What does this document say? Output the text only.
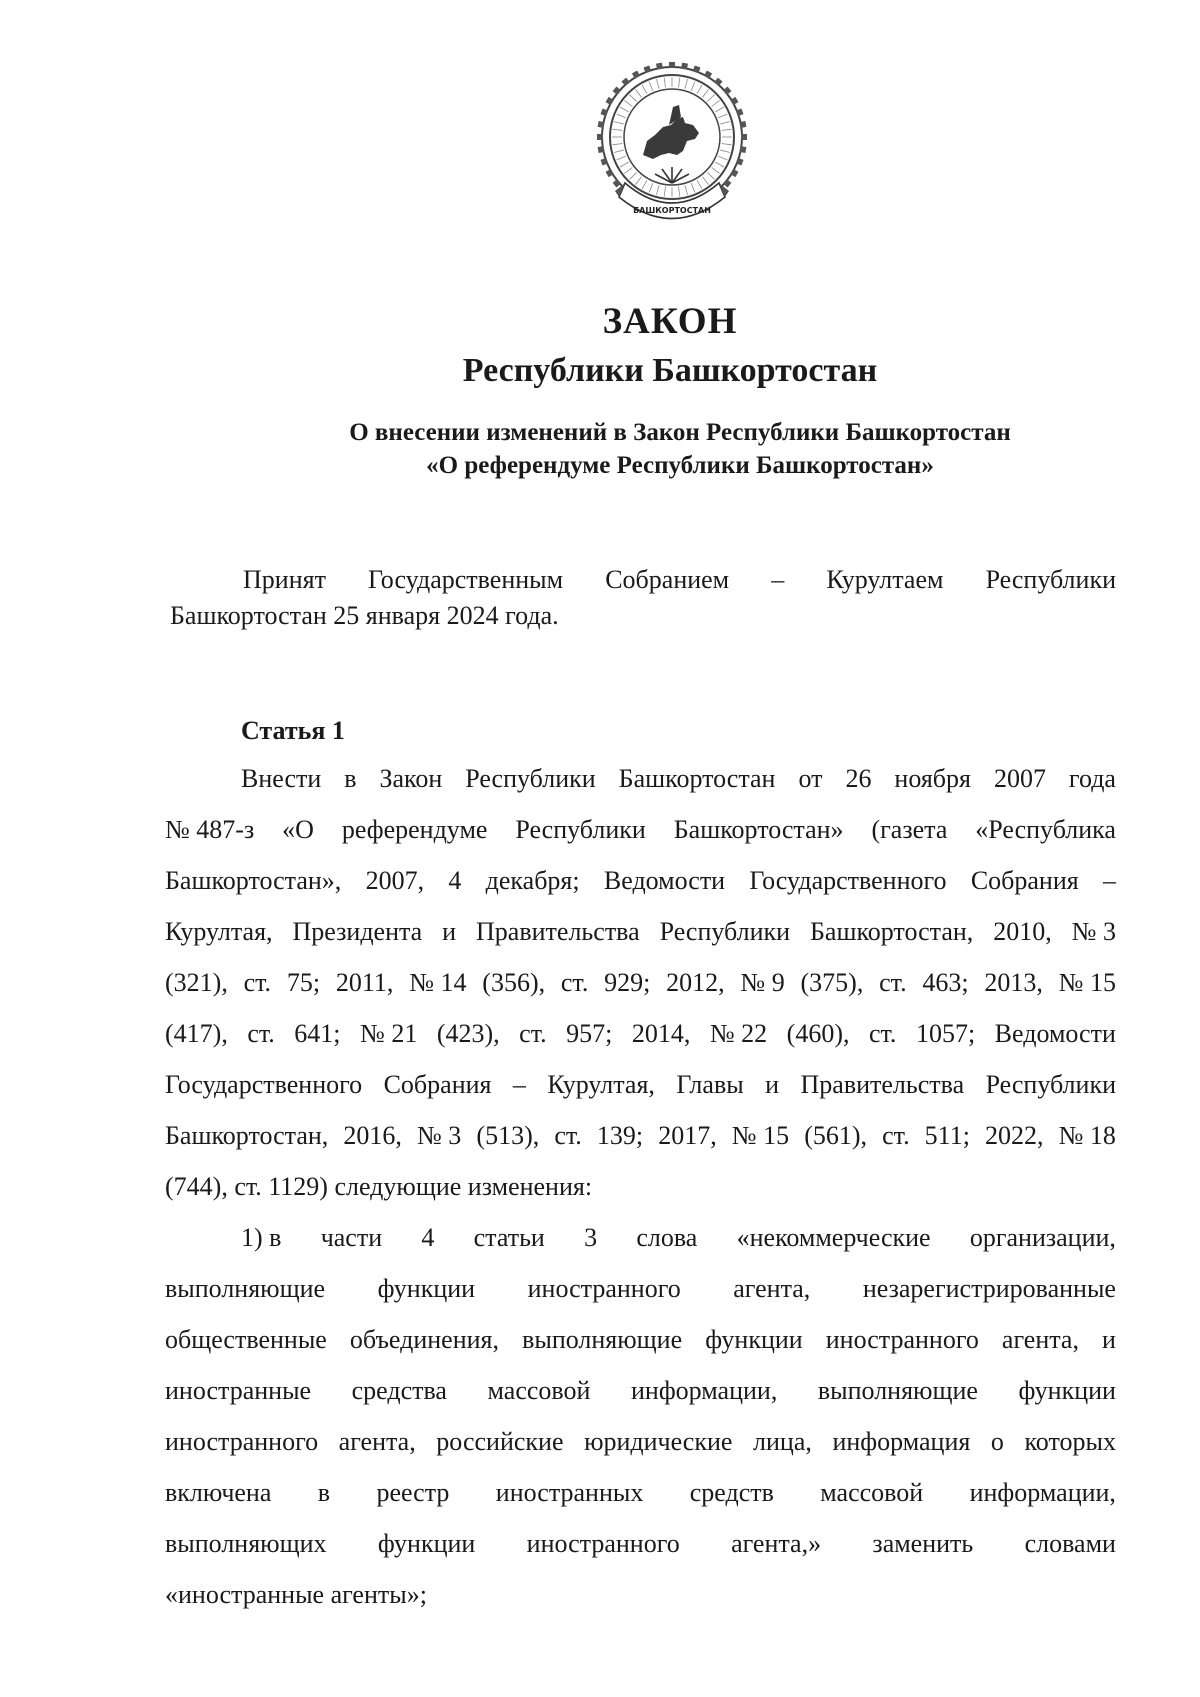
БАШКОРТОСТАН
ЗАКОН
Республики Башкортостан
О внесении изменений в Закон Республики Башкортостан
«О референдуме Республики Башкортостан»
Принят Государственным Собранием – Курултаем Республики
Башкортостан 25 января 2024 года.
Статья 1
Внести в Закон Республики Башкортостан от 26 ноября 2007 года
№ 487-з «О референдуме Республики Башкортостан» (газета «Республика
Башкортостан», 2007, 4 декабря; Ведомости Государственного Собрания –
Курултая, Президента и Правительства Республики Башкортостан, 2010, № 3
(321), ст. 75; 2011, № 14 (356), ст. 929; 2012, № 9 (375), ст. 463; 2013, № 15
(417), ст. 641; № 21 (423), ст. 957; 2014, № 22 (460), ст. 1057; Ведомости
Государственного Собрания – Курултая, Главы и Правительства Республики
Башкортостан, 2016, № 3 (513), ст. 139; 2017, № 15 (561), ст. 511; 2022, № 18
(744), ст. 1129) следующие изменения:
1) в части 4 статьи 3 слова «некоммерческие организации,
выполняющие функции иностранного агента, незарегистрированные
общественные объединения, выполняющие функции иностранного агента, и
иностранные средства массовой информации, выполняющие функции
иностранного агента, российские юридические лица, информация о которых
включена в реестр иностранных средств массовой информации,
выполняющих функции иностранного агента,» заменить словами
«иностранные агенты»;
